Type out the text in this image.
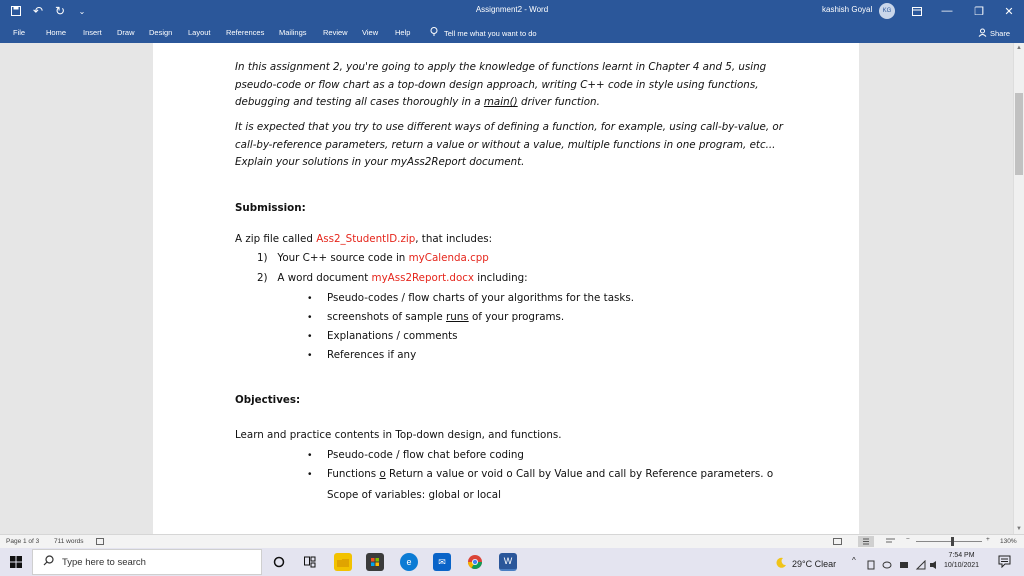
↶ ↻	⌄	Assignment2 - Word	kashish Goyal	KG	—	❐	✕
File	Home Insert Draw Design Layout References Mailings Review View Help	Tell me what you want to do	Share
In this assignment 2, you're going to apply the knowledge of functions learnt in Chapter 4 and 5, using pseudo-code or flow chart as a top-down design approach, writing C++ code in style using functions, debugging and testing all cases thoroughly in a main() driver function.
It is expected that you try to use different ways of defining a function, for example, using call-by-value, or call-by-reference parameters, return a value or without a value, multiple functions in one program, etc... Explain your solutions in your myAss2Report document.
Submission:
A zip file called Ass2_StudentID.zip, that includes:
1) Your C++ source code in myCalenda.cpp
2) A word document myAss2Report.docx including:
• Pseudo-codes / flow charts of your algorithms for the tasks.
• screenshots of sample runs of your programs.
• Explanations / comments
• References if any
Objectives:
Learn and practice contents in Top-down design, and functions.
• Pseudo-code / flow chat before coding
• Functions o Return a value or void o Call by Value and call by Reference parameters. o
Scope of variables: global or local
▲
▼
Page 1 of 3 711 words	−	+ 130%
Type here to search	e	✉	W	29°C Clear ^
7:54 PM
10/10/2021
